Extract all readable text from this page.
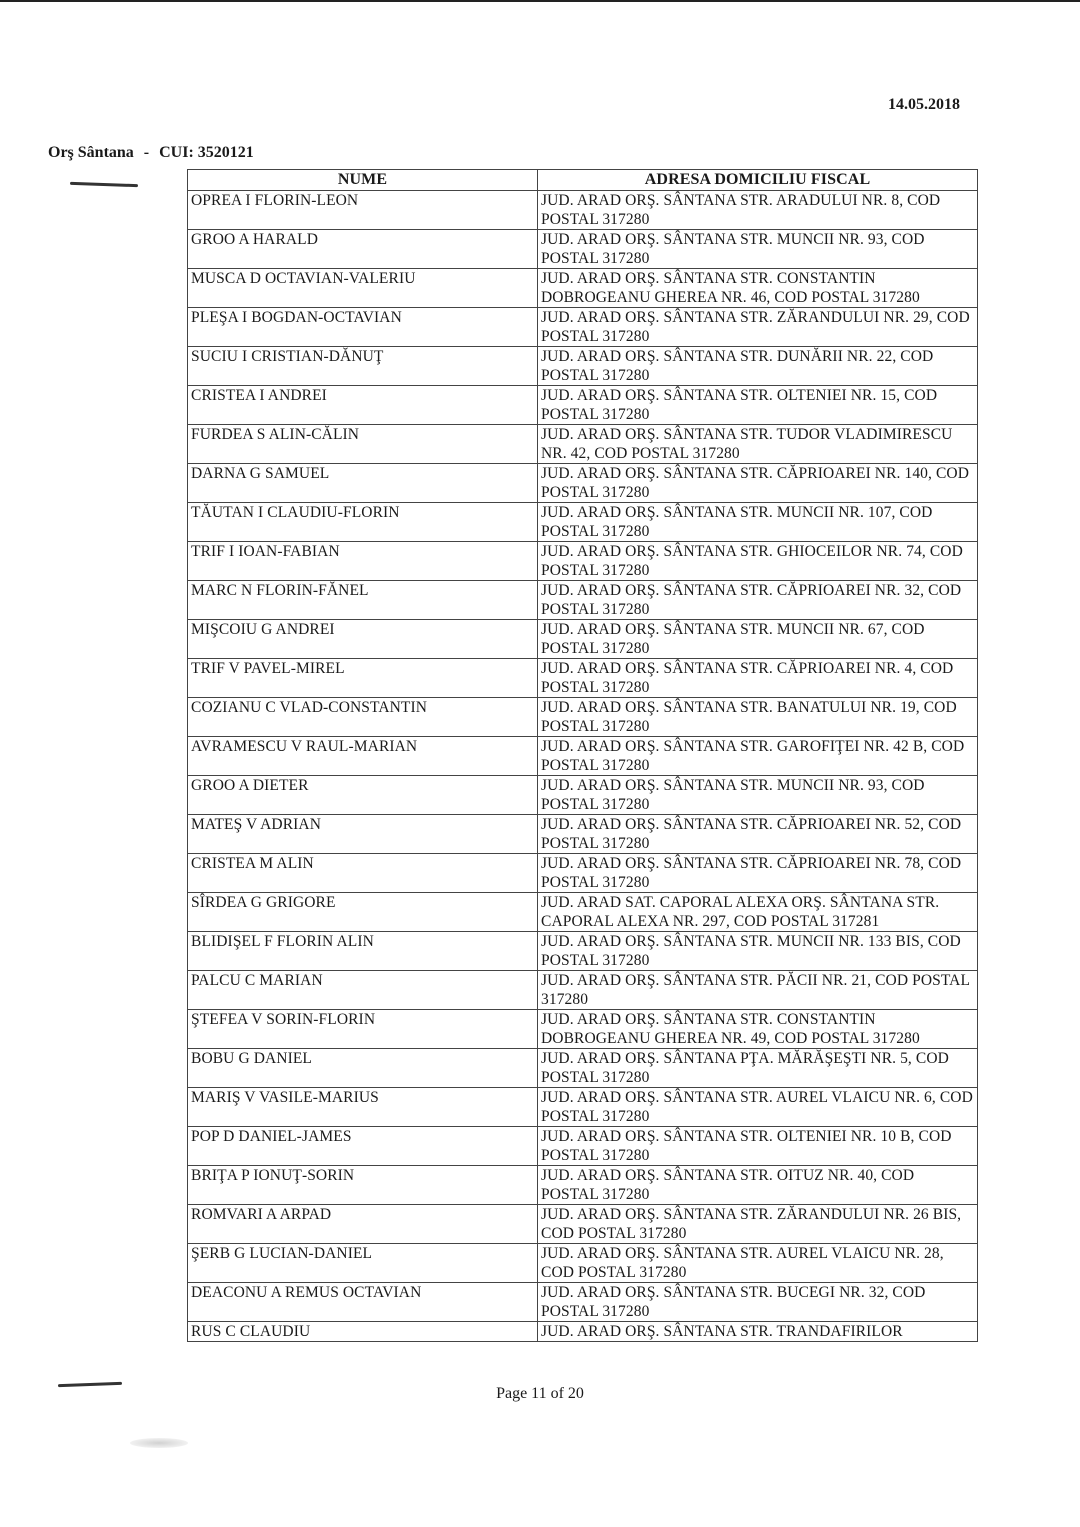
14.05.2018
Orş Sântana - CUI: 3520121
NUME	ADRESA DOMICILIU FISCAL
OPREA I FLORIN-LEON	JUD. ARAD ORŞ. SÂNTANA STR. ARADULUI NR. 8, COD POSTAL 317280
GROO A HARALD	JUD. ARAD ORŞ. SÂNTANA STR. MUNCII NR. 93, COD POSTAL 317280
MUSCA D OCTAVIAN-VALERIU	JUD. ARAD ORŞ. SÂNTANA STR. CONSTANTIN DOBROGEANU GHEREA NR. 46, COD POSTAL 317280
PLEŞA I BOGDAN-OCTAVIAN	JUD. ARAD ORŞ. SÂNTANA STR. ZĂRANDULUI NR. 29, COD POSTAL 317280
SUCIU I CRISTIAN-DĂNUŢ	JUD. ARAD ORŞ. SÂNTANA STR. DUNĂRII NR. 22, COD POSTAL 317280
CRISTEA I ANDREI	JUD. ARAD ORŞ. SÂNTANA STR. OLTENIEI NR. 15, COD POSTAL 317280
FURDEA S ALIN-CĂLIN	JUD. ARAD ORŞ. SÂNTANA STR. TUDOR VLADIMIRESCU NR. 42, COD POSTAL 317280
DARNA G SAMUEL	JUD. ARAD ORŞ. SÂNTANA STR. CĂPRIOAREI NR. 140, COD POSTAL 317280
TĂUTAN I CLAUDIU-FLORIN	JUD. ARAD ORŞ. SÂNTANA STR. MUNCII NR. 107, COD POSTAL 317280
TRIF I IOAN-FABIAN	JUD. ARAD ORŞ. SÂNTANA STR. GHIOCEILOR NR. 74, COD POSTAL 317280
MARC N FLORIN-FĂNEL	JUD. ARAD ORŞ. SÂNTANA STR. CĂPRIOAREI NR. 32, COD POSTAL 317280
MIŞCOIU G ANDREI	JUD. ARAD ORŞ. SÂNTANA STR. MUNCII NR. 67, COD POSTAL 317280
TRIF V PAVEL-MIREL	JUD. ARAD ORŞ. SÂNTANA STR. CĂPRIOAREI NR. 4, COD POSTAL 317280
COZIANU C VLAD-CONSTANTIN	JUD. ARAD ORŞ. SÂNTANA STR. BANATULUI NR. 19, COD POSTAL 317280
AVRAMESCU V RAUL-MARIAN	JUD. ARAD ORŞ. SÂNTANA STR. GAROFIŢEI NR. 42 B, COD POSTAL 317280
GROO A DIETER	JUD. ARAD ORŞ. SÂNTANA STR. MUNCII NR. 93, COD POSTAL 317280
MATEŞ V ADRIAN	JUD. ARAD ORŞ. SÂNTANA STR. CĂPRIOAREI NR. 52, COD POSTAL 317280
CRISTEA M ALIN	JUD. ARAD ORŞ. SÂNTANA STR. CĂPRIOAREI NR. 78, COD POSTAL 317280
SÎRDEA G GRIGORE	JUD. ARAD SAT. CAPORAL ALEXA ORŞ. SÂNTANA STR. CAPORAL ALEXA NR. 297, COD POSTAL 317281
BLIDIŞEL F FLORIN ALIN	JUD. ARAD ORŞ. SÂNTANA STR. MUNCII NR. 133 BIS, COD POSTAL 317280
PALCU C MARIAN	JUD. ARAD ORŞ. SÂNTANA STR. PĂCII NR. 21, COD POSTAL 317280
ŞTEFEA V SORIN-FLORIN	JUD. ARAD ORŞ. SÂNTANA STR. CONSTANTIN DOBROGEANU GHEREA NR. 49, COD POSTAL 317280
BOBU G DANIEL	JUD. ARAD ORŞ. SÂNTANA PŢA. MĂRĂŞEŞTI NR. 5, COD POSTAL 317280
MARIŞ V VASILE-MARIUS	JUD. ARAD ORŞ. SÂNTANA STR. AUREL VLAICU NR. 6, COD POSTAL 317280
POP D DANIEL-JAMES	JUD. ARAD ORŞ. SÂNTANA STR. OLTENIEI NR. 10 B, COD POSTAL 317280
BRIŢA P IONUŢ-SORIN	JUD. ARAD ORŞ. SÂNTANA STR. OITUZ NR. 40, COD POSTAL 317280
ROMVARI A ARPAD	JUD. ARAD ORŞ. SÂNTANA STR. ZĂRANDULUI NR. 26 BIS, COD POSTAL 317280
ŞERB G LUCIAN-DANIEL	JUD. ARAD ORŞ. SÂNTANA STR. AUREL VLAICU NR. 28, COD POSTAL 317280
DEACONU A REMUS OCTAVIAN	JUD. ARAD ORŞ. SÂNTANA STR. BUCEGI NR. 32, COD POSTAL 317280
RUS C CLAUDIU	JUD. ARAD ORŞ. SÂNTANA STR. TRANDAFIRILOR
Page 11 of 20
